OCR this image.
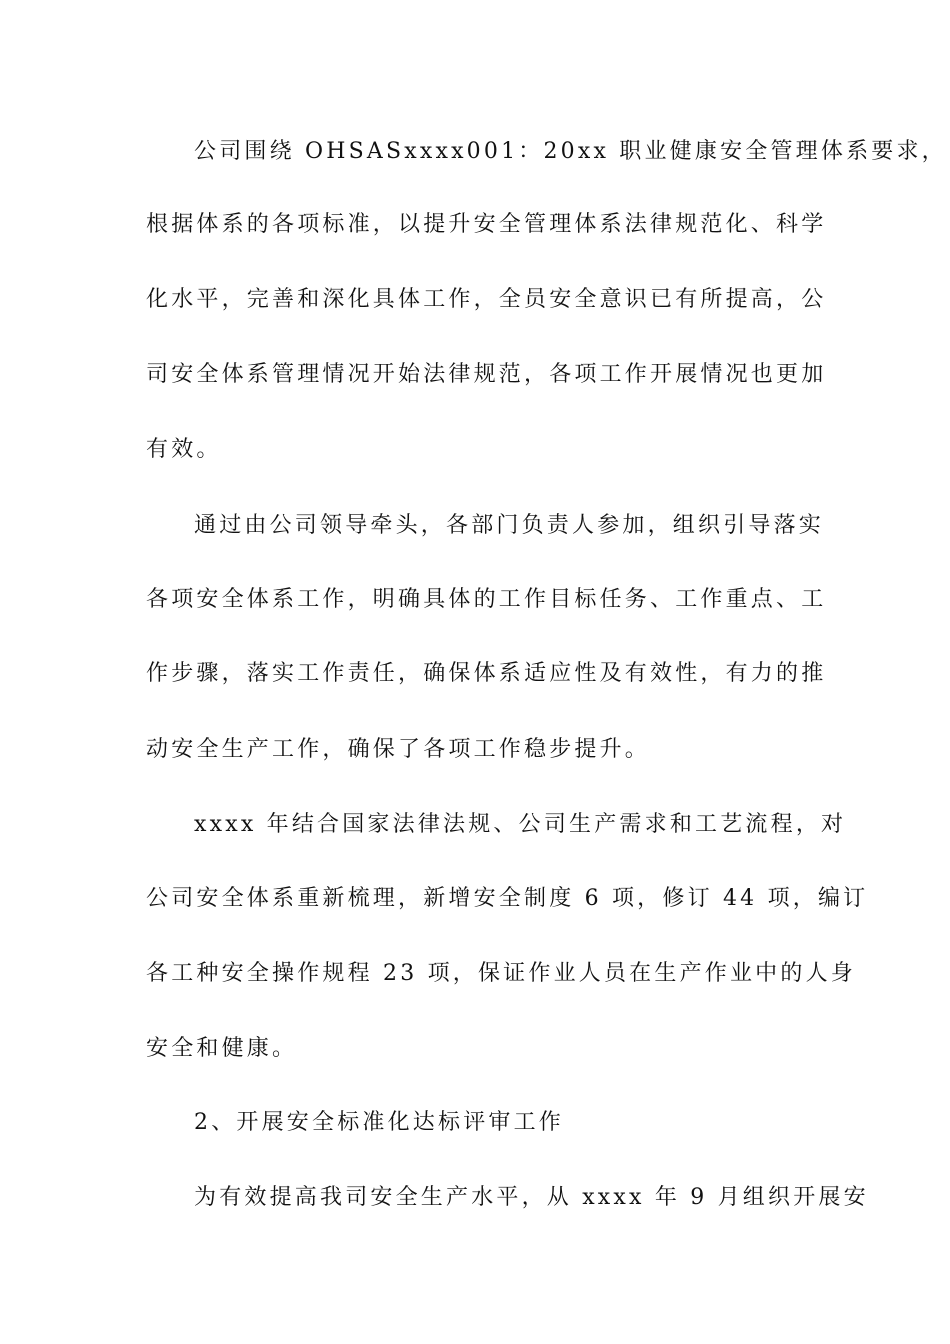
公司围绕 OHSASxxxx001：20xx 职业健康安全管理体系要求，
根据体系的各项标准，以提升安全管理体系法律规范化、科学
化水平，完善和深化具体工作，全员安全意识已有所提高，公
司安全体系管理情况开始法律规范，各项工作开展情况也更加
有效。
通过由公司领导牵头，各部门负责人参加，组织引导落实
各项安全体系工作，明确具体的工作目标任务、工作重点、工
作步骤，落实工作责任，确保体系适应性及有效性，有力的推
动安全生产工作，确保了各项工作稳步提升。
xxxx 年结合国家法律法规、公司生产需求和工艺流程，对
公司安全体系重新梳理，新增安全制度 6 项，修订 44 项，编订
各工种安全操作规程 23 项，保证作业人员在生产作业中的人身
安全和健康。
2、开展安全标准化达标评审工作
为有效提高我司安全生产水平，从 xxxx 年 9 月组织开展安
